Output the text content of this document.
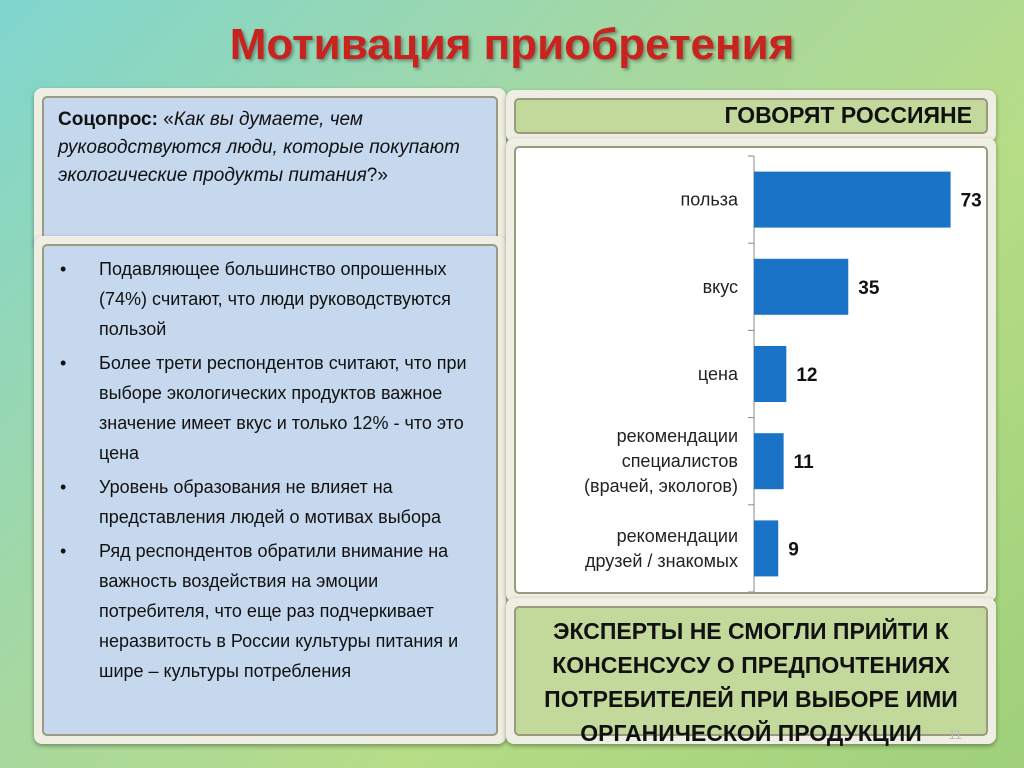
Мотивация приобретения
Соцопрос: «Как вы думаете, чем руководствуются люди, которые покупают экологические продукты питания?»
• Подавляющее большинство опрошенных (74%) считают, что люди руководствуются пользой
• Более трети респондентов считают, что при выборе экологических продуктов важное значение имеет вкус и только 12% - что это цена
• Уровень образования не влияет на представления людей о мотивах выбора
• Ряд респондентов обратили внимание на важность воздействия на эмоции потребителя, что еще раз подчеркивает неразвитость в России культуры питания и шире – культуры потребления
ГОВОРЯТ РОССИЯНЕ
73
польза
35
вкус
12
цена
11
рекомендации
специалистов
(врачей, экологов)
9
рекомендации
друзей / знакомых
ЭКСПЕРТЫ НЕ СМОГЛИ ПРИЙТИ К КОНСЕНСУСУ О ПРЕДПОЧТЕНИЯХ ПОТРЕБИТЕЛЕЙ ПРИ ВЫБОРЕ ИМИ ОРГАНИЧЕСКОЙ ПРОДУКЦИИ	11
